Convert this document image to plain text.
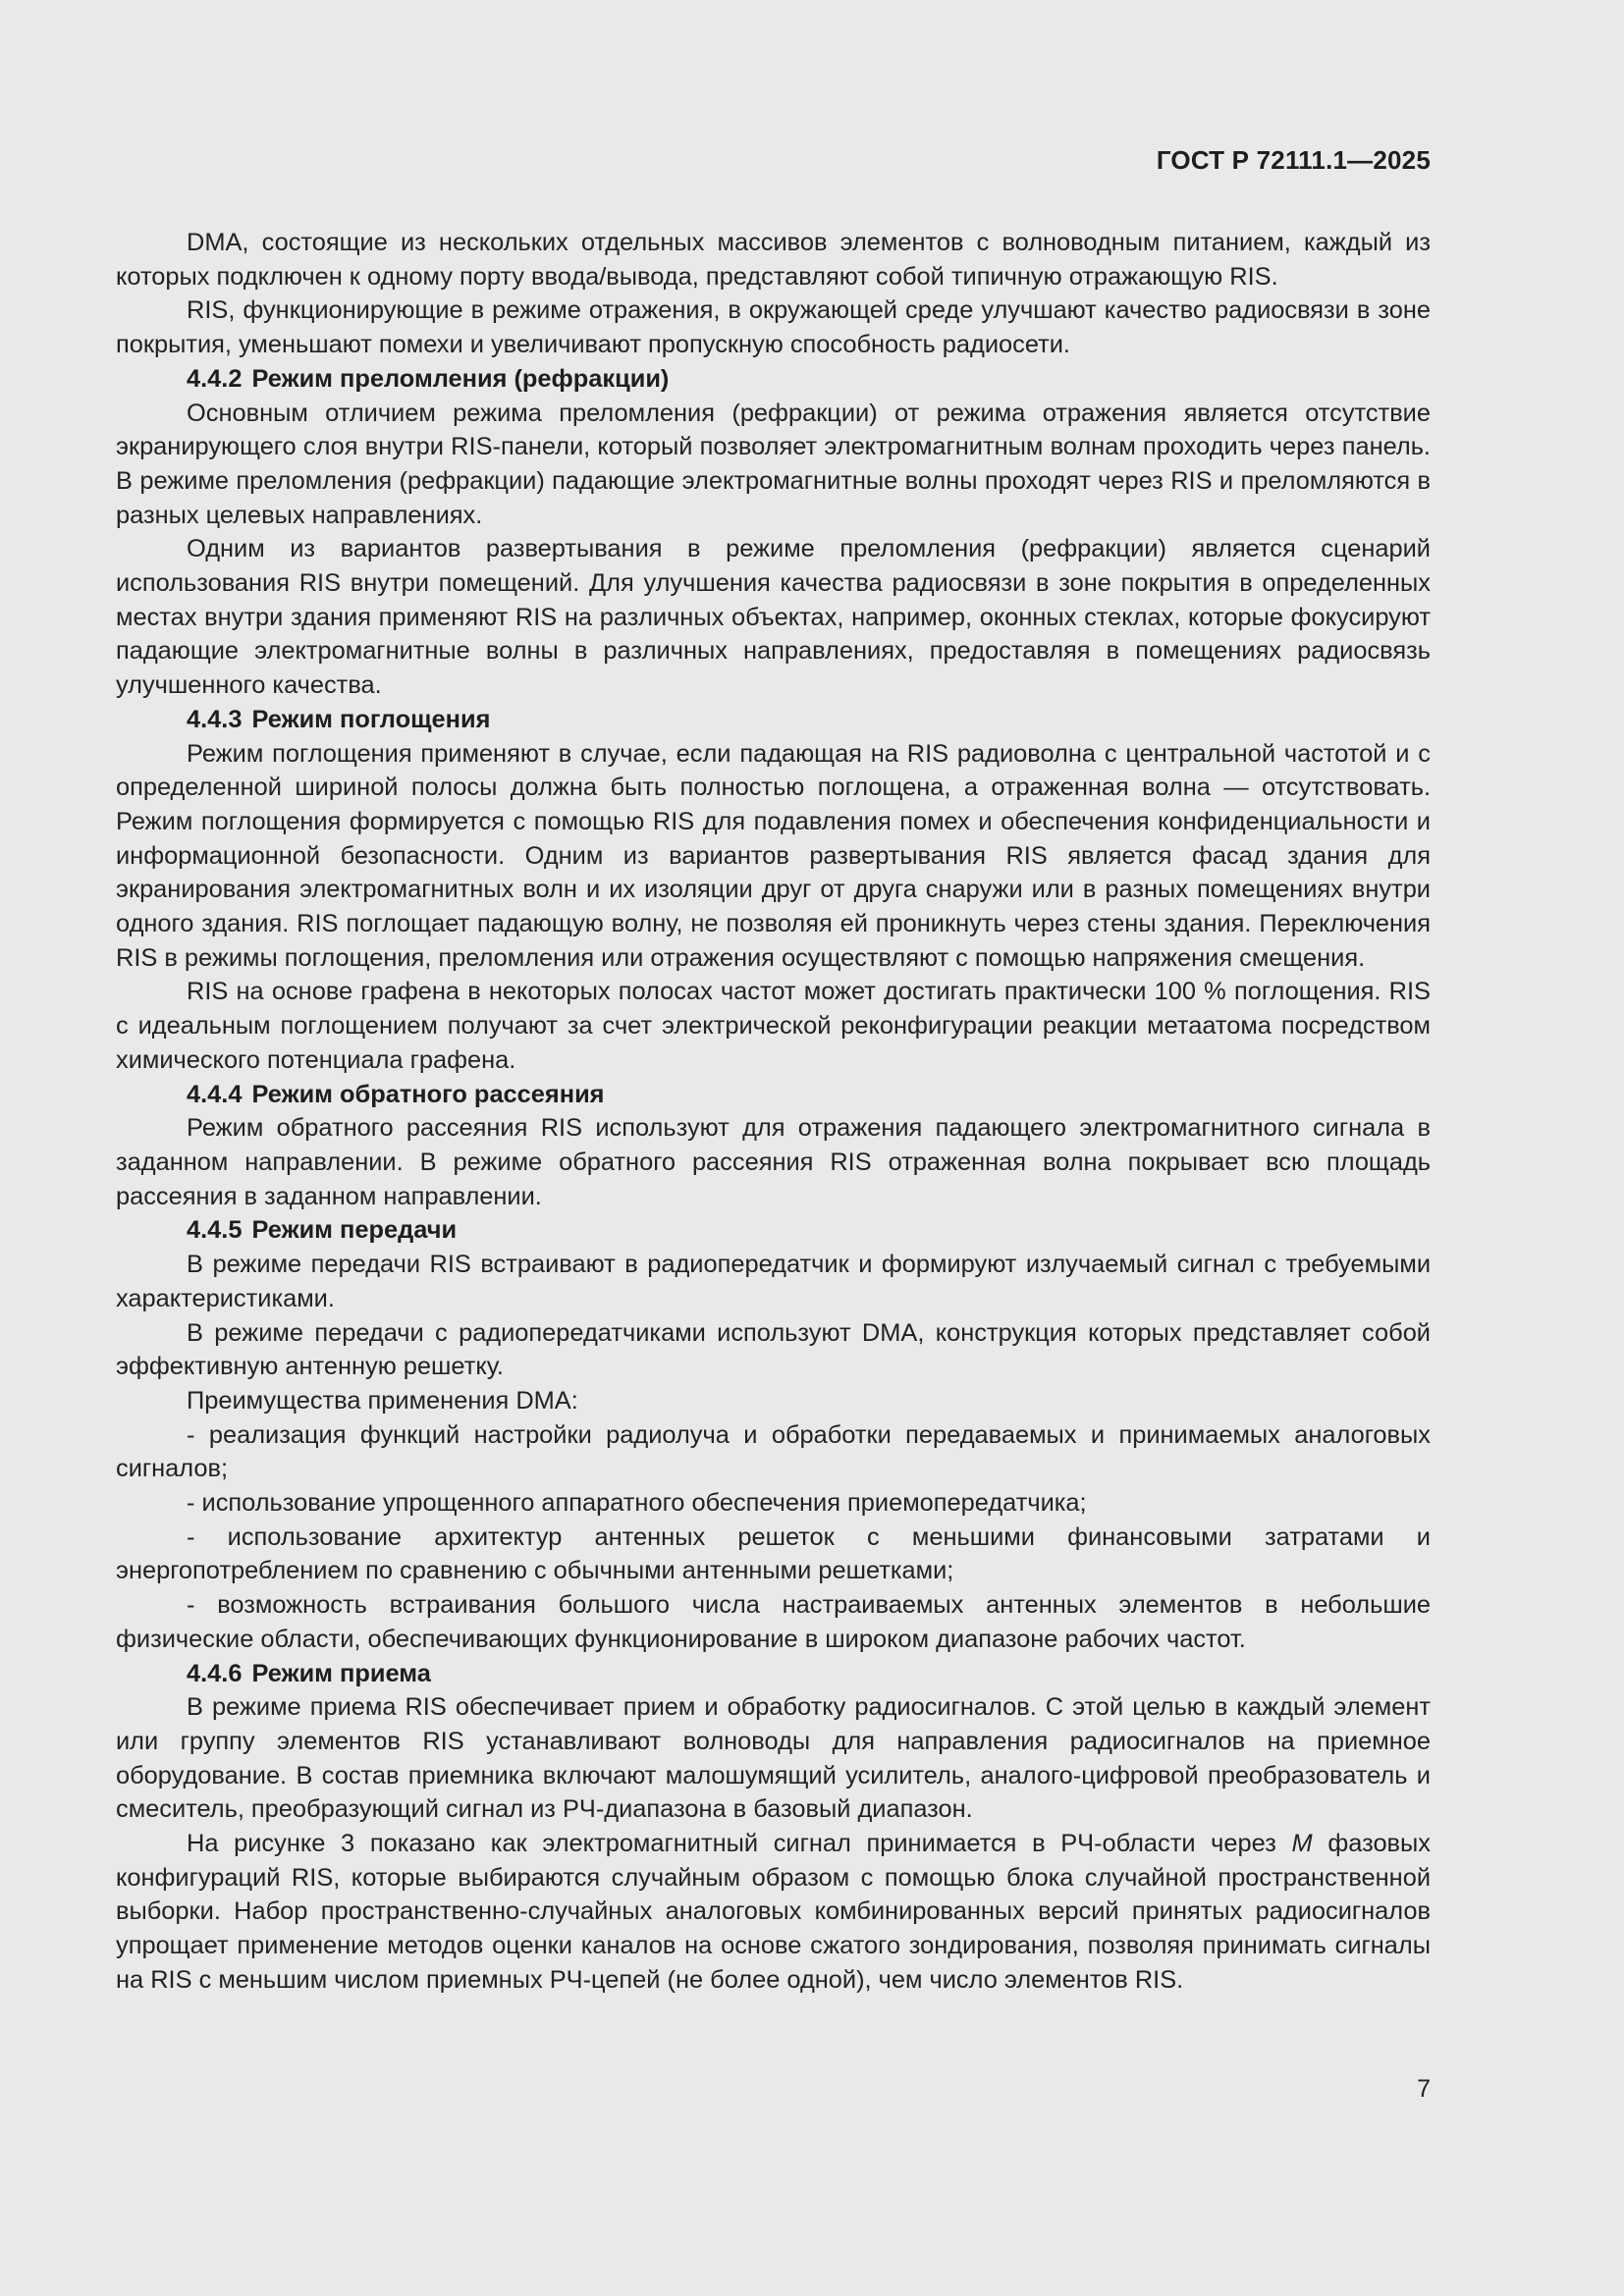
ГОСТ Р 72111.1—2025

DMA, состоящие из нескольких отдельных массивов элементов с волноводным питанием, каждый из которых подключен к одному порту ввода/вывода, представляют собой типичную отражающую RIS.

RIS, функционирующие в режиме отражения, в окружающей среде улучшают качество радиосвязи в зоне покрытия, уменьшают помехи и увеличивают пропускную способность радиосети.

4.4.2 Режим преломления (рефракции)

Основным отличием режима преломления (рефракции) от режима отражения является отсутствие экранирующего слоя внутри RIS-панели, который позволяет электромагнитным волнам проходить через панель. В режиме преломления (рефракции) падающие электромагнитные волны проходят через RIS и преломляются в разных целевых направлениях.

Одним из вариантов развертывания в режиме преломления (рефракции) является сценарий использования RIS внутри помещений. Для улучшения качества радиосвязи в зоне покрытия в определенных местах внутри здания применяют RIS на различных объектах, например, оконных стеклах, которые фокусируют падающие электромагнитные волны в различных направлениях, предоставляя в помещениях радиосвязь улучшенного качества.

4.4.3 Режим поглощения

Режим поглощения применяют в случае, если падающая на RIS радиоволна с центральной частотой и с определенной шириной полосы должна быть полностью поглощена, а отраженная волна — отсутствовать. Режим поглощения формируется с помощью RIS для подавления помех и обеспечения конфиденциальности и информационной безопасности. Одним из вариантов развертывания RIS является фасад здания для экранирования электромагнитных волн и их изоляции друг от друга снаружи или в разных помещениях внутри одного здания. RIS поглощает падающую волну, не позволяя ей проникнуть через стены здания. Переключения RIS в режимы поглощения, преломления или отражения осуществляют с помощью напряжения смещения.

RIS на основе графена в некоторых полосах частот может достигать практически 100 % поглощения. RIS с идеальным поглощением получают за счет электрической реконфигурации реакции метаатома посредством химического потенциала графена.

4.4.4 Режим обратного рассеяния

Режим обратного рассеяния RIS используют для отражения падающего электромагнитного сигнала в заданном направлении. В режиме обратного рассеяния RIS отраженная волна покрывает всю площадь рассеяния в заданном направлении.

4.4.5 Режим передачи

В режиме передачи RIS встраивают в радиопередатчик и формируют излучаемый сигнал с требуемыми характеристиками.

В режиме передачи с радиопередатчиками используют DMA, конструкция которых представляет собой эффективную антенную решетку.

Преимущества применения DMA:

- реализация функций настройки радиолуча и обработки передаваемых и принимаемых аналоговых сигналов;

- использование упрощенного аппаратного обеспечения приемопередатчика;

- использование архитектур антенных решеток с меньшими финансовыми затратами и энергопотреблением по сравнению с обычными антенными решетками;

- возможность встраивания большого числа настраиваемых антенных элементов в небольшие физические области, обеспечивающих функционирование в широком диапазоне рабочих частот.

4.4.6 Режим приема

В режиме приема RIS обеспечивает прием и обработку радиосигналов. С этой целью в каждый элемент или группу элементов RIS устанавливают волноводы для направления радиосигналов на приемное оборудование. В состав приемника включают малошумящий усилитель, аналого-цифровой преобразователь и смеситель, преобразующий сигнал из РЧ-диапазона в базовый диапазон.

На рисунке 3 показано как электромагнитный сигнал принимается в РЧ-области через M фазовых конфигураций RIS, которые выбираются случайным образом с помощью блока случайной пространственной выборки. Набор пространственно-случайных аналоговых комбинированных версий принятых радиосигналов упрощает применение методов оценки каналов на основе сжатого зондирования, позволяя принимать сигналы на RIS с меньшим числом приемных РЧ-цепей (не более одной), чем число элементов RIS.

7
